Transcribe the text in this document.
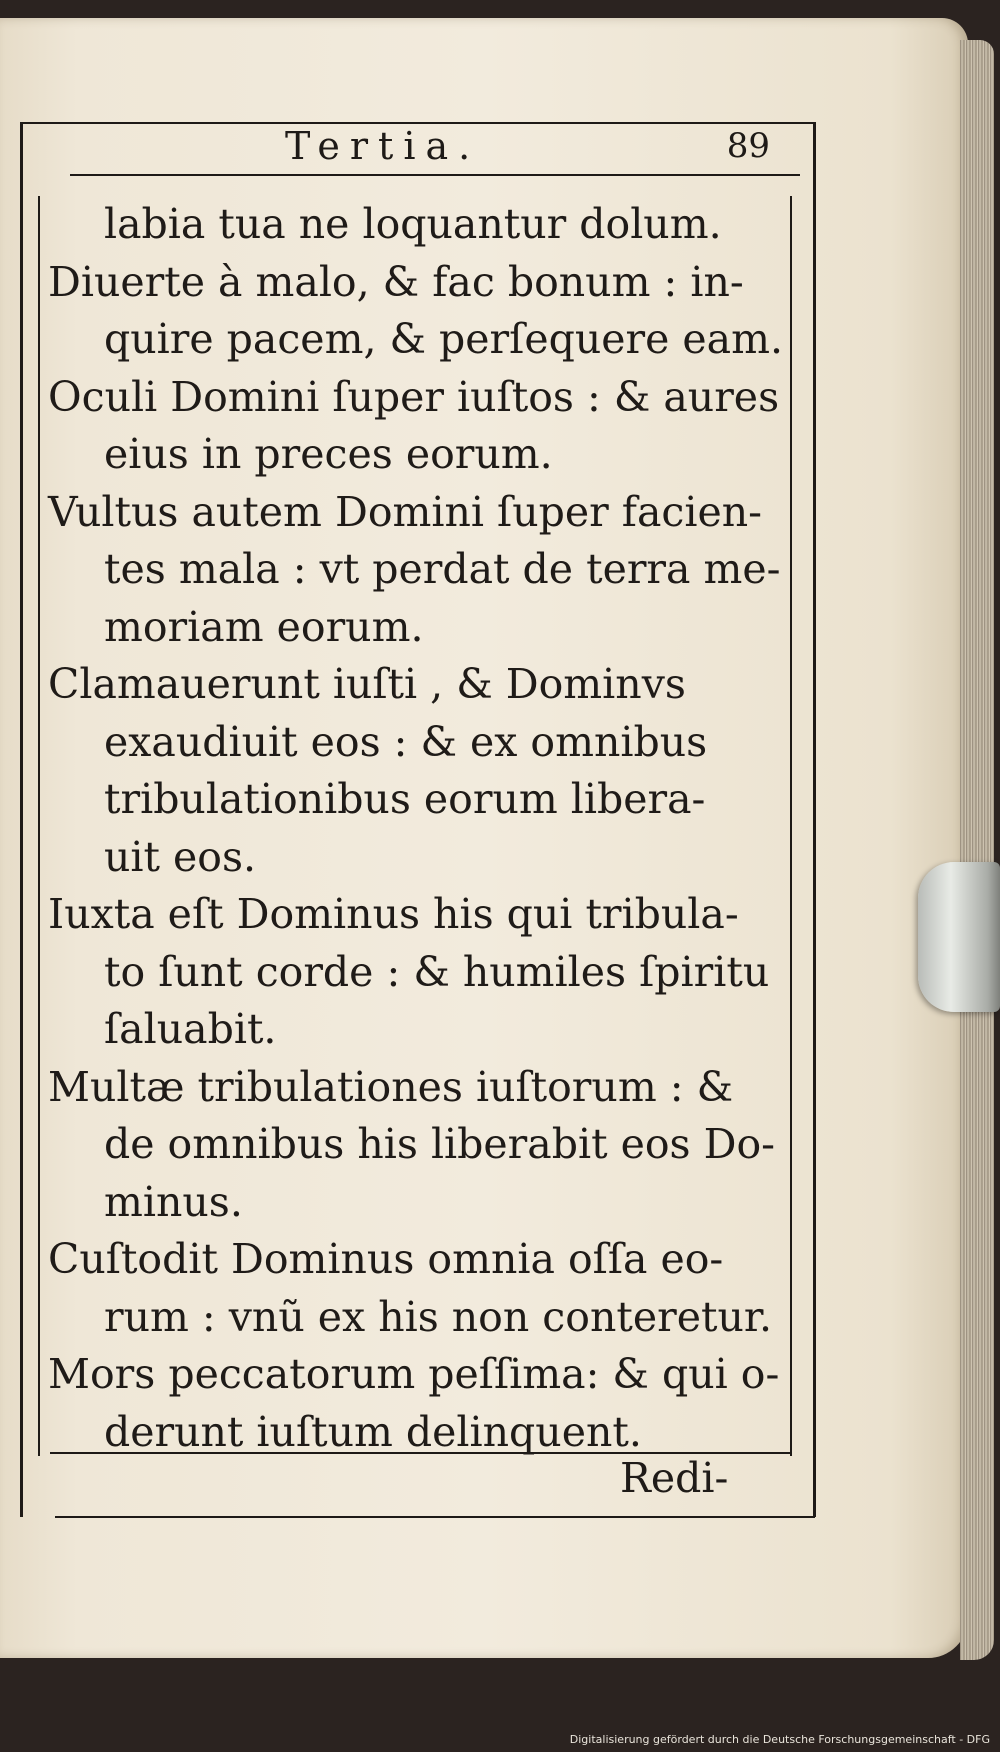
Tertia.	89
labia tua ne loquantur dolum.
Diuerte à malo, & fac bonum : in-
quire pacem, & perſequere eam.
Oculi Domini ſuper iuſtos : & aures
eius in preces eorum.
Vultus autem Domini ſuper facien-
tes mala : vt perdat de terra me-
moriam eorum.
Clamauerunt iuſti , & Dominvs
exaudiuit eos : & ex omnibus
tribulationibus eorum libera-
uit eos.
Iuxta eſt Dominus his qui tribula-
to ſunt corde : & humiles ſpiritu
ſaluabit.
Multæ tribulationes iuſtorum : &
de omnibus his liberabit eos Do-
minus.
Cuſtodit Dominus omnia oſſa eo-
rum : vnũ ex his non conteretur.
Mors peccatorum peſſima: & qui o-
derunt iuſtum delinquent.
Redi-
Digitalisierung gefördert durch die Deutsche Forschungsgemeinschaft - DFG
